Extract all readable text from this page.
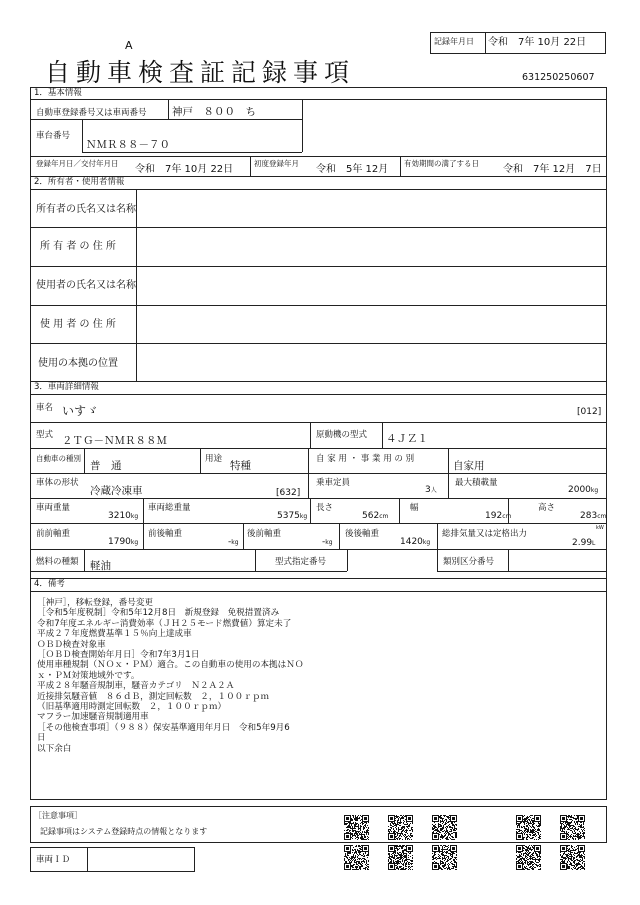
A
自動車検査証記録事項
記録年月日 令和　7年 10月 22日
631250250607
1．基本情報
自動車登録番号又は車両番号 神戸　８００　ち
車台番号
ＮＭＲ８８－７０
登録年月日／交付年月日
令和　7年 10月 22日
初度登録年月
令和　5年 12月
有効期間の満了する日
令和　7年 12月　7日
2．所有者・使用者情報
所有者の氏名又は名称
所 有 者 の 住 所
使用者の氏名又は名称
使 用 者 の 住 所
使用の本拠の位置
3．車両詳細情報
車名 いすゞ	[012]
型式 ２ＴＧ－ＮＭＲ８８Ｍ	原動機の型式 ４ＪＺ１
自動車の種別
普　通
用途
特種
自 家 用 ・ 事 業 用 の 別
自家用
車体の形状
冷蔵冷凍車	[632]
乗車定員
3人
最大積載量
2000kg
車両重量
3210kg
車両総重量
5375kg
長さ
562cm
幅
192cm
高さ
283cm
前前軸重
1790kg
前後軸重
-kg
後前軸重
-kg
後後軸重
1420kg
総排気量又は定格出力
kW
2.99L
燃料の種類 軽油	型式指定番号	類別区分番号
4．備考
［神戸］，移転登録，番号変更
［令和5年度税制］令和5年12月8日　新規登録　免税措置済み
令和7年度エネルギー消費効率（ＪＨ２５モード燃費値）算定未了
平成２７年度燃費基準１５％向上達成車
ＯＢＤ検査対象車
［ＯＢＤ検査開始年月日］令和7年3月1日
使用車種規制（ＮＯｘ・ＰＭ）適合。この自動車の使用の本拠はＮＯ
ｘ・ＰＭ対策地域外です。
平成２８年騒音規制車，騒音カテゴリ　Ｎ２Ａ２Ａ
近接排気騒音値　８６ｄＢ，測定回転数　２，１００ｒｐｍ
（旧基準適用時測定回転数　２，１００ｒｐｍ）
マフラー加速騒音規制適用車
［その他検査事項］（９８８）保安基準適用年月日　令和5年9月6
日
以下余白
［注意事項］
記録事項はシステム登録時点の情報となります
車両ＩＤ
